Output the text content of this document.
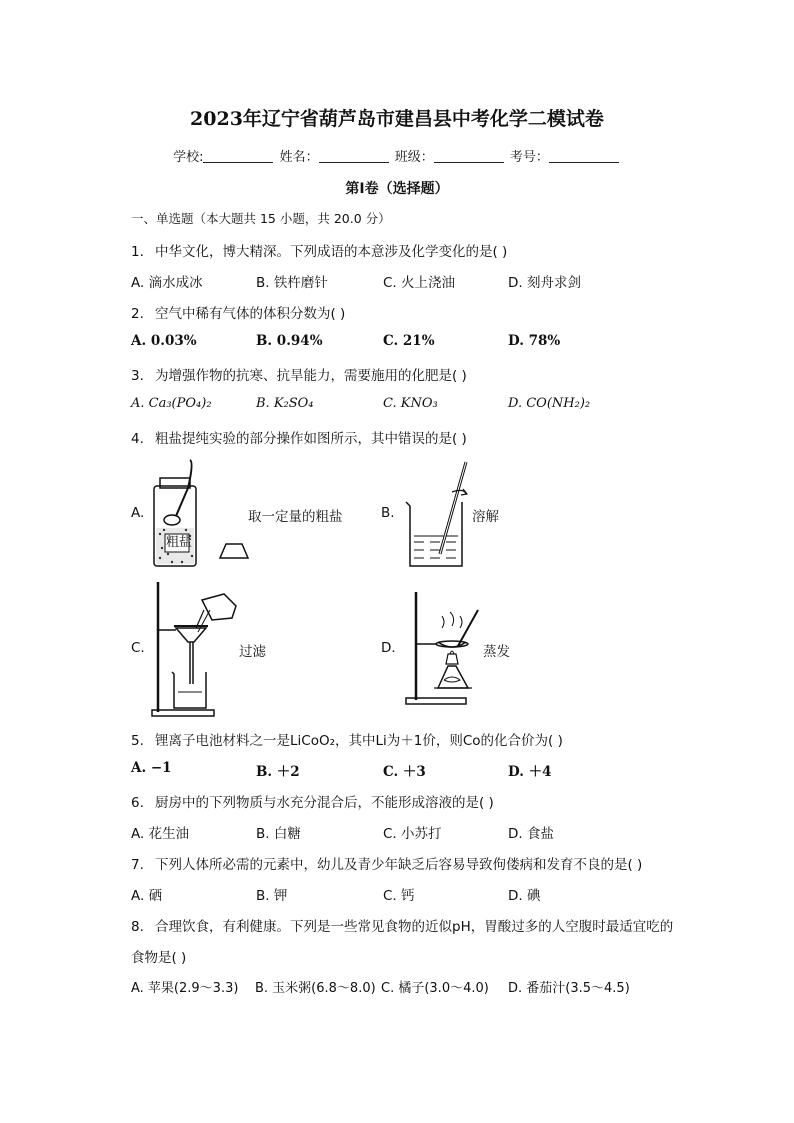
2023年辽宁省葫芦岛市建昌县中考化学二模试卷
学校:	姓名：	班级：	考号：
第I卷（选择题）
一、单选题（本大题共 15 小题，共 20.0 分）
1. 中华文化，博大精深。下列成语的本意涉及化学变化的是( )
A. 滴水成冰	B. 铁杵磨针	C. 火上浇油	D. 刻舟求剑
2. 空气中稀有气体的体积分数为( )
A. 0.03%	B. 0.94%	C. 21%	D. 78%
3. 为增强作物的抗寒、抗旱能力，需要施用的化肥是( )
A. Ca₃(PO₄)₂	B. K₂SO₄	C. KNO₃	D. CO(NH₂)₂
4. 粗盐提纯实验的部分操作如图所示，其中错误的是( )
A.
粗盐
取一定量的粗盐	B.	溶解
C.	过滤	D.	蒸发
5. 锂离子电池材料之一是LiCoO₂，其中Li为＋1价，则Co的化合价为( )
A. −1	B. ＋2	C. ＋3	D. ＋4
6. 厨房中的下列物质与水充分混合后，不能形成溶液的是( )
A. 花生油	B. 白糖	C. 小苏打	D. 食盐
7. 下列人体所必需的元素中，幼儿及青少年缺乏后容易导致佝偻病和发育不良的是( )
A. 硒	B. 钾	C. 钙	D. 碘
8. 合理饮食，有利健康。下列是一些常见食物的近似pH，胃酸过多的人空腹时最适宜吃的
食物是( )
A. 苹果(2.9～3.3) B. 玉米粥(6.8～8.0) C. 橘子(3.0～4.0) D. 番茄汁(3.5～4.5)
